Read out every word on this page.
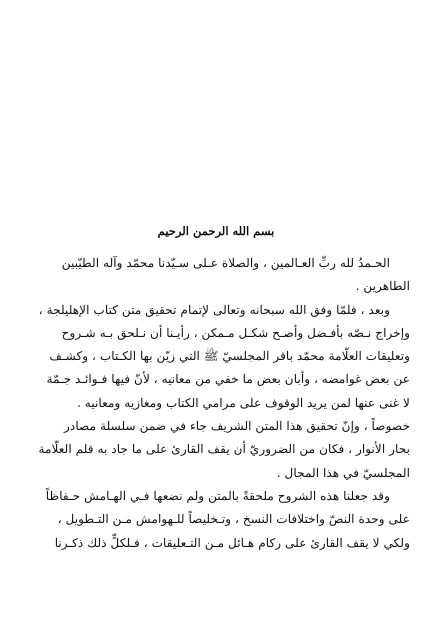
بسم الله الرحمن الرحيم
الحـمدُ لله ربِّ العـالمين ، والصلاة عـلى سـيّدنا محمّد وآله الطيّبين
الطاهرين .
وبعد ، فلمّا وفق الله سبحانه وتعالى لإتمام تحقيق متن كتاب الإهليلجة ،
وإخراج نـصّه بأفـضل وأصـح شكـل مـمكن ، رأيـنا أن نـلحق بـه شـروح
وتعليقات العلّامة محمّد باقر المجلسيّ ﷺ التي زيّن بها الكـتاب ، وكشـف
عن بعض غوامضه ، وأبان بعض ما خفي من معانيه ، لأنّ فيها فـوائـد جـمّة
لا غنى عنها لمن يريد الوقوف على مرامي الكتاب ومغازيه ومعانيه .
خصوصاً ، وإنّ تحقيق هذا المتن الشريف جاء في ضمن سلسلة مصادر
بحار الأنوار ، فكان من الضروريّ أن يقف القارئ على ما جاد به قلم العلّامة
المجلسيّ في هذا المجال .
وقد جعلنا هذه الشروح ملحقةً بالمتن ولم نضعها فـي الهـامش حـفاظاً
على وحدة النصّ واختلافات النسخ ، وتـخليصاً للـهوامش مـن التـطويل ،
ولكي لا يقف القارئ على ركام هـائل مـن التـعليقات ، فـلكلٍّ ذلك ذكـرنا
